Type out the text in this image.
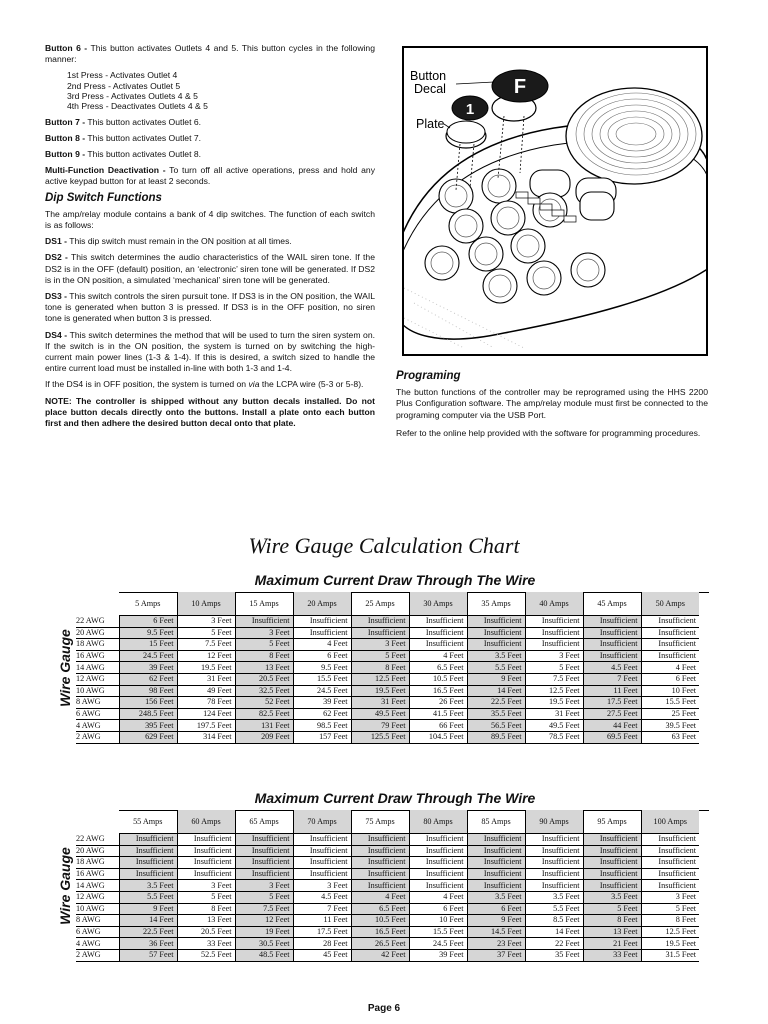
Button 6 - This button activates Outlets 4 and 5. This button cycles in the following manner:

1st Press - Activates Outlet 4
2nd Press - Activates Outlet 5
3rd Press - Activates Outlets 4 & 5
4th Press - Deactivates Outlets 4 & 5

Button 7 - This button activates Outlet 6.

Button 8 - This button activates Outlet 7.

Button 9 - This button activates Outlet 8.

Multi-Function Deactivation - To turn off all active operations, press and hold any active keypad button for at least 2 seconds.

Dip Switch Functions

The amp/relay module contains a bank of 4 dip switches. The function of each switch is as follows:

DS1 - This dip switch must remain in the ON position at all times.

DS2 - This switch determines the audio characteristics of the WAIL siren tone. If the DS2 is in the OFF (default) position, an ‘electronic’ siren tone will be generated. If DS2 is in the ON position, a simulated ‘mechanical’ siren tone will be generated.

DS3 - This switch controls the siren pursuit tone. If DS3 is in the ON position, the WAIL tone is generated when button 3 is pressed. If DS3 is in the OFF position, no siren tone is generated when button 3 is pressed.

DS4 - This switch determines the method that will be used to turn the siren system on. If the switch is in the ON position, the system is turned on by switching the high-current main power lines (1-3 & 1-4). If this is desired, a switch sized to handle the entire current load must be installed in-line with both 1-3 and 1-4.

If the DS4 is in OFF position, the system is turned on via the LCPA wire (5-3 or 5-8).

NOTE: The controller is shipped without any button decals installed. Do not place button decals directly onto the buttons. Install a plate onto each button first and then adhere the desired button decal onto that plate.

1
F
Button
Decal
Plate
Programing

The button functions of the controller may be reprogramed using the HHS 2200 Plus Configuration software. The amp/relay module must first be connected to the programing computer via the USB Port.

Refer to the online help provided with the software for programming procedures.

Wire Gauge Calculation Chart
Maximum Current Draw Through The Wire
Wire Gauge
	5 Amps	10 Amps	15 Amps	20 Amps	25 Amps	30 Amps	35 Amps	40 Amps	45 Amps	50 Amps
22 AWG	6 Feet	3 Feet	Insufficient	Insufficient	Insufficient	Insufficient	Insufficient	Insufficient	Insufficient	Insufficient
20 AWG	9.5 Feet	5 Feet	3 Feet	Insufficient	Insufficient	Insufficient	Insufficient	Insufficient	Insufficient	Insufficient
18 AWG	15 Feet	7.5 Feet	5 Feet	4 Feet	3 Feet	Insufficient	Insufficient	Insufficient	Insufficient	Insufficient
16 AWG	24.5 Feet	12 Feet	8 Feet	6 Feet	5 Feet	4 Feet	3.5 Feet	3 Feet	Insufficient	Insufficient
14 AWG	39 Feet	19.5 Feet	13 Feet	9.5 Feet	8 Feet	6.5 Feet	5.5 Feet	5 Feet	4.5 Feet	4 Feet
12 AWG	62 Feet	31 Feet	20.5 Feet	15.5 Feet	12.5 Feet	10.5 Feet	9 Feet	7.5 Feet	7 Feet	6 Feet
10 AWG	98 Feet	49 Feet	32.5 Feet	24.5 Feet	19.5 Feet	16.5 Feet	14 Feet	12.5 Feet	11 Feet	10 Feet
8 AWG	156 Feet	78 Feet	52 Feet	39 Feet	31 Feet	26 Feet	22.5 Feet	19.5 Feet	17.5 Feet	15.5 Feet
6 AWG	248.5 Feet	124 Feet	82.5 Feet	62 Feet	49.5 Feet	41.5 Feet	35.5 Feet	31 Feet	27.5 Feet	25 Feet
4 AWG	395 Feet	197.5 Feet	131 Feet	98.5 Feet	79 Feet	66 Feet	56.5 Feet	49.5 Feet	44 Feet	39.5 Feet
2 AWG	629 Feet	314 Feet	209 Feet	157 Feet	125.5 Feet	104.5 Feet	89.5 Feet	78.5 Feet	69.5 Feet	63 Feet
Maximum Current Draw Through The Wire
Wire Gauge
	55 Amps	60 Amps	65 Amps	70 Amps	75 Amps	80 Amps	85 Amps	90 Amps	95 Amps	100 Amps
22 AWG	Insufficient	Insufficient	Insufficient	Insufficient	Insufficient	Insufficient	Insufficient	Insufficient	Insufficient	Insufficient
20 AWG	Insufficient	Insufficient	Insufficient	Insufficient	Insufficient	Insufficient	Insufficient	Insufficient	Insufficient	Insufficient
18 AWG	Insufficient	Insufficient	Insufficient	Insufficient	Insufficient	Insufficient	Insufficient	Insufficient	Insufficient	Insufficient
16 AWG	Insufficient	Insufficient	Insufficient	Insufficient	Insufficient	Insufficient	Insufficient	Insufficient	Insufficient	Insufficient
14 AWG	3.5 Feet	3 Feet	3 Feet	3 Feet	Insufficient	Insufficient	Insufficient	Insufficient	Insufficient	Insufficient
12 AWG	5.5 Feet	5 Feet	5 Feet	4.5 Feet	4 Feet	4 Feet	3.5 Feet	3.5 Feet	3.5 Feet	3 Feet
10 AWG	9 Feet	8 Feet	7.5 Feet	7 Feet	6.5 Feet	6 Feet	6 Feet	5.5 Feet	5 Feet	5 Feet
8 AWG	14 Feet	13 Feet	12 Feet	11 Feet	10.5 Feet	10 Feet	9 Feet	8.5 Feet	8 Feet	8 Feet
6 AWG	22.5 Feet	20.5 Feet	19 Feet	17.5 Feet	16.5 Feet	15.5 Feet	14.5 Feet	14 Feet	13 Feet	12.5 Feet
4 AWG	36 Feet	33 Feet	30.5 Feet	28 Feet	26.5 Feet	24.5 Feet	23 Feet	22 Feet	21 Feet	19.5 Feet
2 AWG	57 Feet	52.5 Feet	48.5 Feet	45 Feet	42 Feet	39 Feet	37 Feet	35 Feet	33 Feet	31.5 Feet
Page 6
